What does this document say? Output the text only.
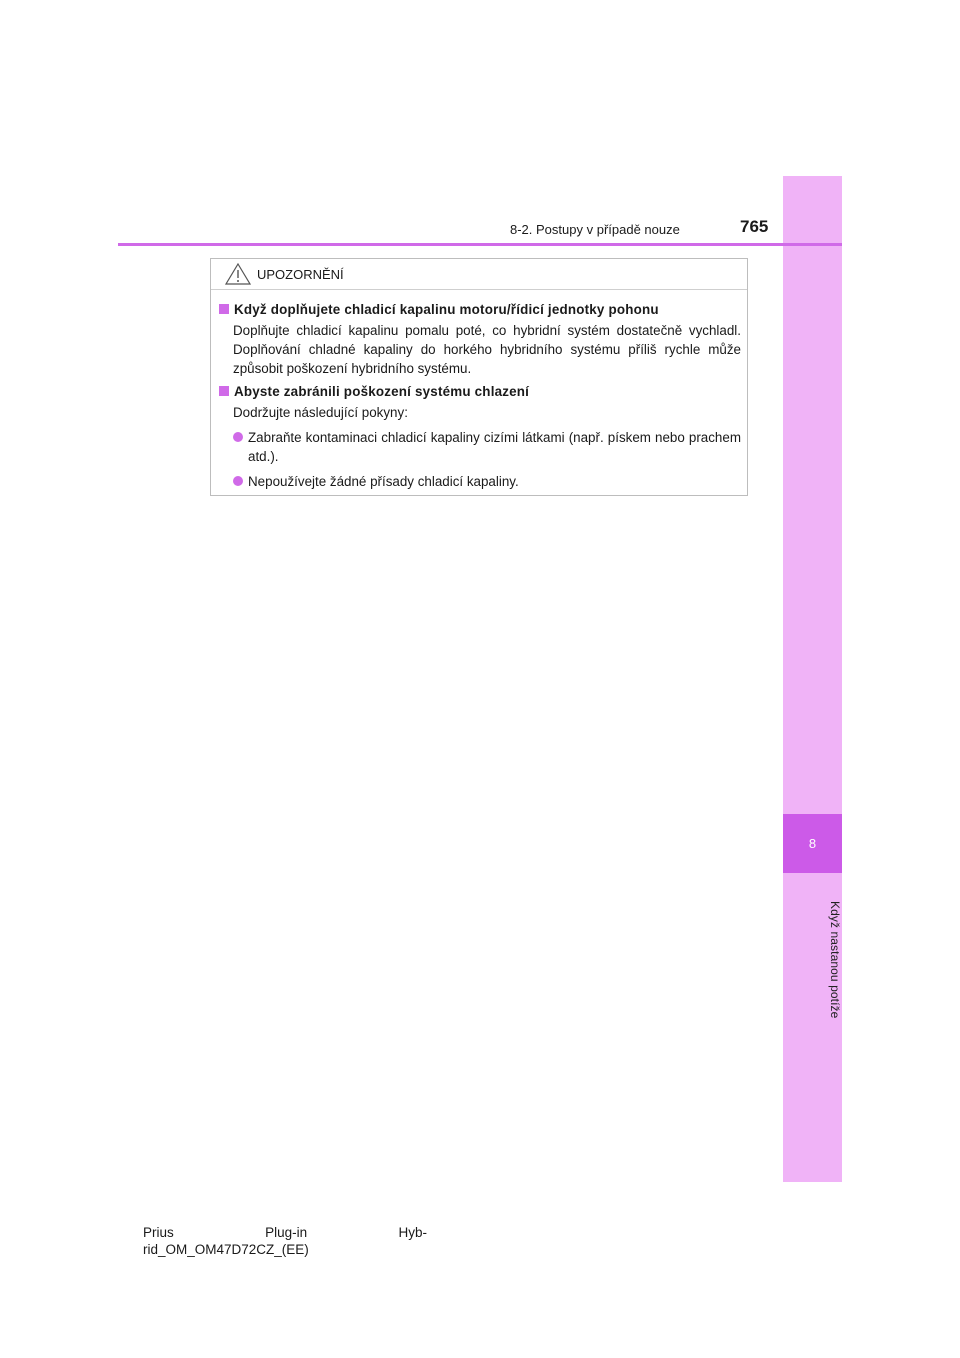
8
Když nastanou potíže
8-2. Postupy v případě nouze	765
UPOZORNĚNÍ
Když doplňujete chladicí kapalinu motoru/řídicí jednotky pohonu
Doplňujte chladicí kapalinu pomalu poté, co hybridní systém dostatečně vychladl. Doplňování chladné kapaliny do horkého hybridního systému příliš rychle může způsobit poškození hybridního systému.
Abyste zabránili poškození systému chlazení
Dodržujte následující pokyny:
Zabraňte kontaminaci chladicí kapaliny cizími látkami (např. pískem nebo prachem atd.).
Nepoužívejte žádné přísady chladicí kapaliny.
Prius Plug-in Hyb-
rid_OM_OM47D72CZ_(EE)
